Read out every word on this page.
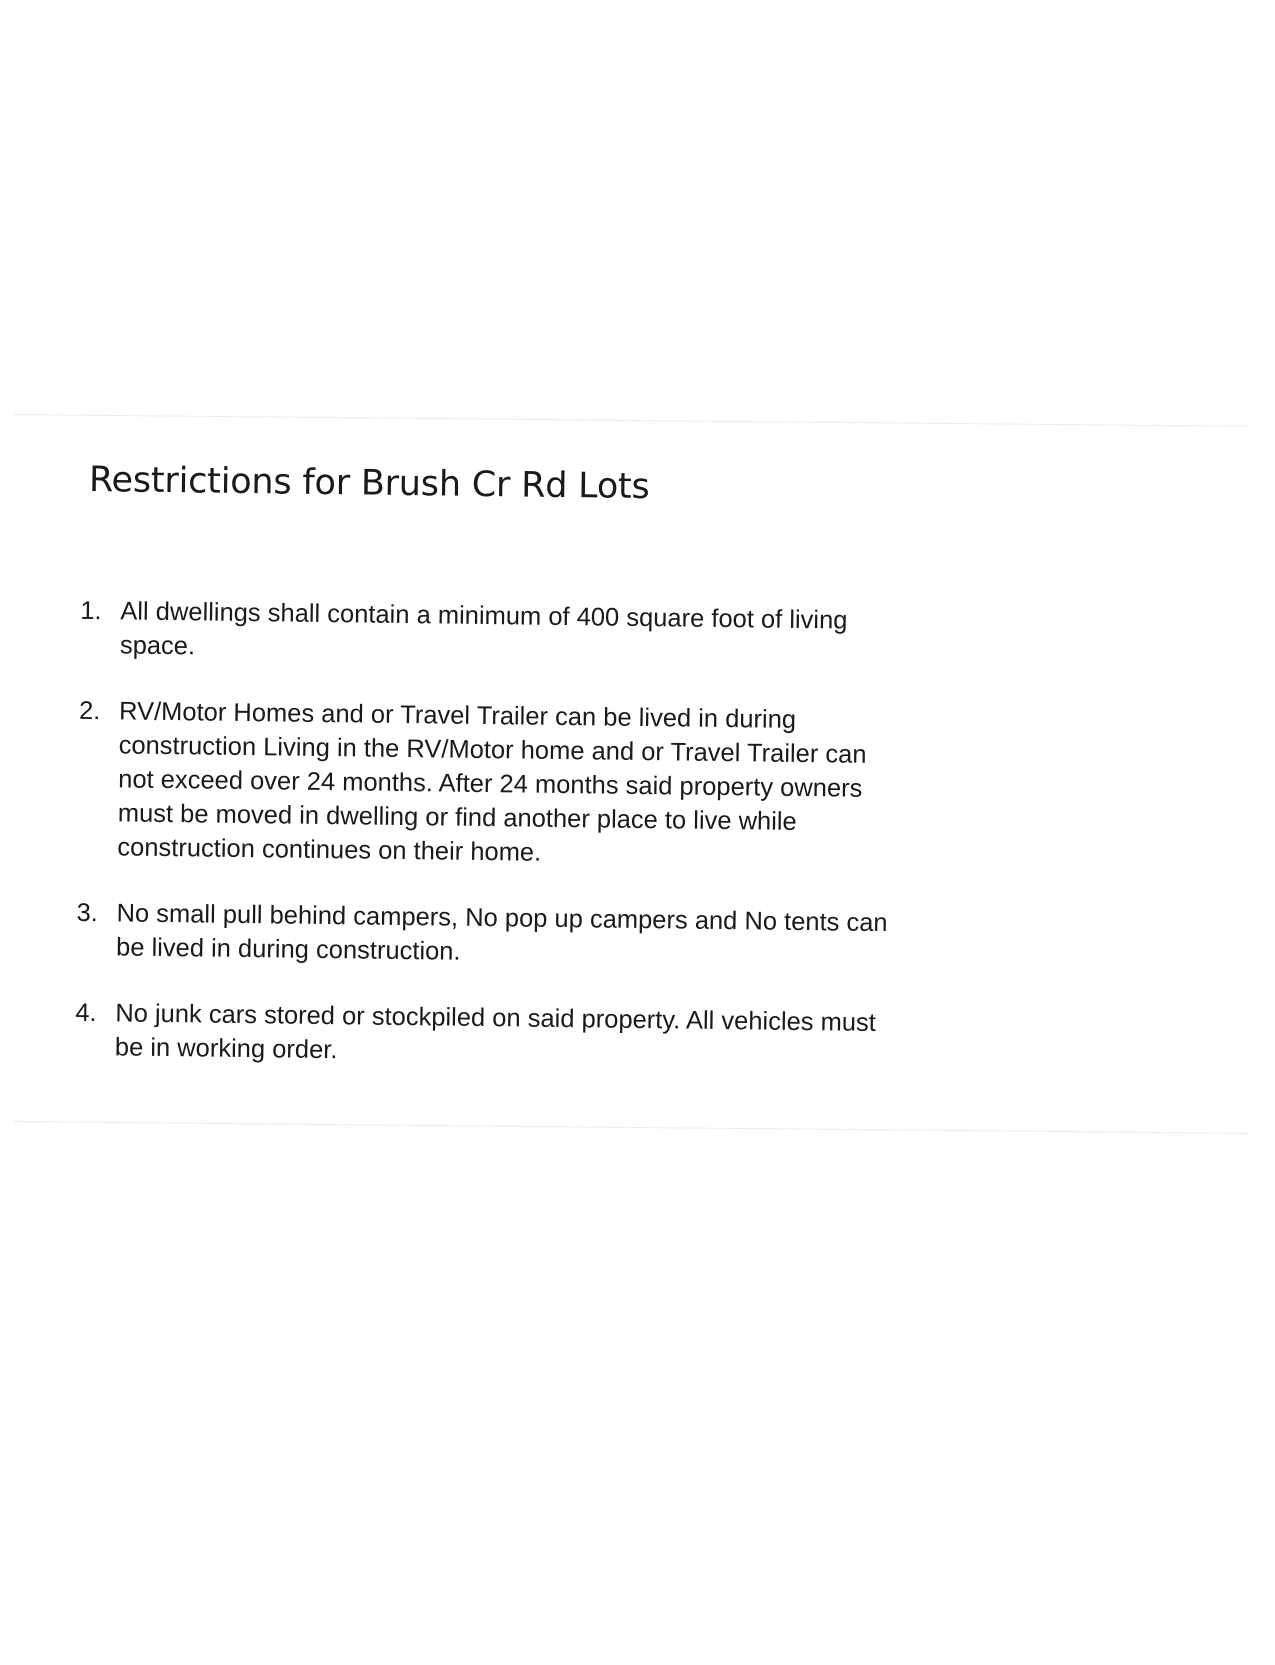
Restrictions for Brush Cr Rd Lots
1. All dwellings shall contain a minimum of 400 square foot of living
space.
2. RV/Motor Homes and or Travel Trailer can be lived in during
construction Living in the RV/Motor home and or Travel Trailer can
not exceed over 24 months. After 24 months said property owners
must be moved in dwelling or find another place to live while
construction continues on their home.
3. No small pull behind campers, No pop up campers and No tents can
be lived in during construction.
4. No junk cars stored or stockpiled on said property. All vehicles must
be in working order.
